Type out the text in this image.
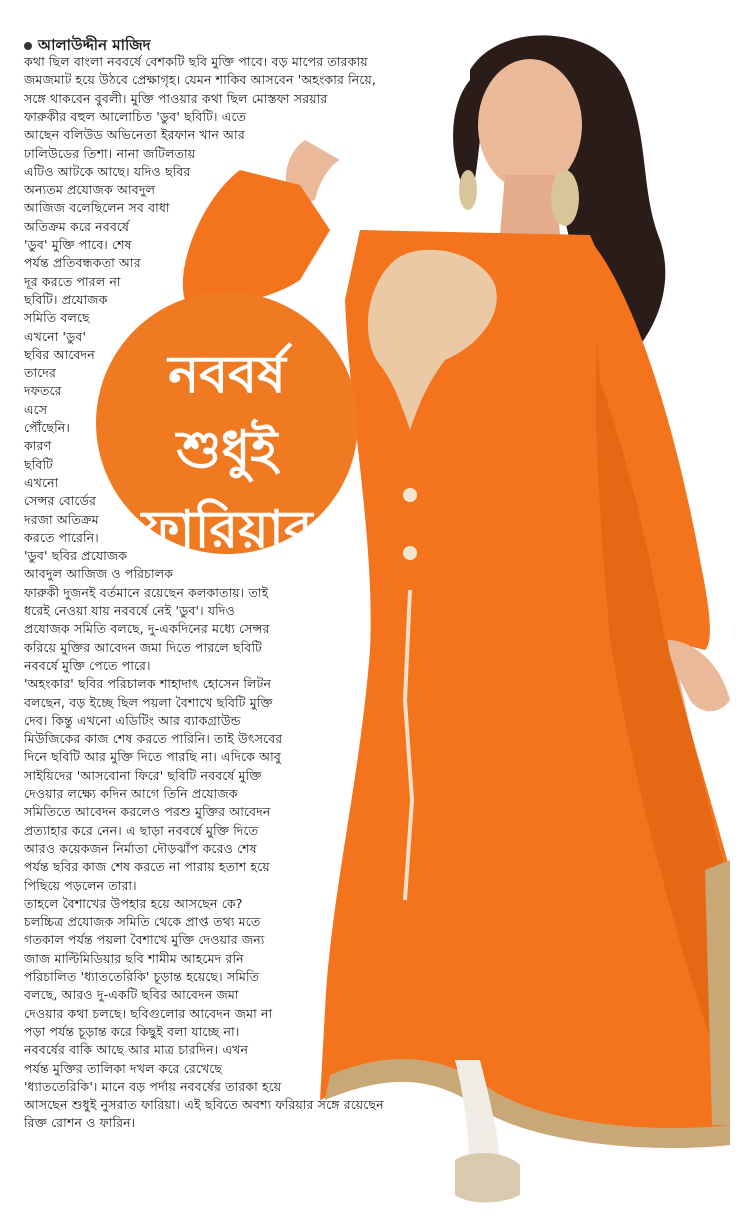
নববর্ষ
শুধুই
ফারিয়ার
আলাউদ্দীন মাজিদ
কথা ছিল বাংলা নববর্ষে বেশকটি ছবি মুক্তি পাবে। বড় মাপের তারকায়
জমজমাট হয়ে উঠবে প্রেক্ষাগৃহ। যেমন শাকিব আসবেন 'অহংকার নিয়ে,
সঙ্গে থাকবেন বুবলী। মুক্তি পাওয়ার কথা ছিল মোস্তফা সরয়ার
ফারুকীর বহুল আলোচিত 'ডুব' ছবিটি। এতে
আছেন বলিউড অভিনেতা ইরফান খান আর
ঢালিউডের তিশা। নানা জটিলতায়
এটিও আটকে আছে। যদিও ছবির
অন্যতম প্রযোজক আবদুল
আজিজ বলেছিলেন সব বাধা
অতিক্রম করে নববর্ষে
'ডুব' মুক্তি পাবে। শেষ
পর্যন্ত প্রতিবন্ধকতা আর
দূর করতে পারল না
ছবিটি। প্রযোজক
সমিতি বলছে
এখনো 'ডুব'
ছবির আবেদন
তাদের
দফতরে
এসে
পৌঁছেনি।
কারণ
ছবিটি
এখনো
সেন্সর বোর্ডের
দরজা অতিক্রম
করতে পারেনি।
'ডুব' ছবির প্রযোজক
আবদুল আজিজ ও পরিচালক
ফারুকী দুজনই বর্তমানে রয়েছেন কলকাতায়। তাই
ধরেই নেওয়া যায় নববর্ষে নেই 'ডুব'। যদিও
প্রযোজক সমিতি বলছে, দু-একদিনের মধ্যে সেন্সর
করিয়ে মুক্তির আবেদন জমা দিতে পারলে ছবিটি
নববর্ষে মুক্তি পেতে পারে।
'অহংকার' ছবির পরিচালক শাহাদাৎ হোসেন লিটন
বলছেন, বড় ইচ্ছে ছিল পয়লা বৈশাখে ছবিটি মুক্তি
দেব। কিন্তু এখনো এডিটিং আর ব্যাকগ্রাউন্ড
মিউজিকের কাজ শেষ করতে পারিনি। তাই উৎসবের
দিনে ছবিটি আর মুক্তি দিতে পারছি না। এদিকে আবু
সাইয়িদের 'আসবোনা ফিরে' ছবিটি নববর্ষে মুক্তি
দেওয়ার লক্ষ্যে কদিন আগে তিনি প্রযোজক
সমিতিতে আবেদন করলেও পরশু মুক্তির আবেদন
প্রত্যাহার করে নেন। এ ছাড়া নববর্ষে মুক্তি দিতে
আরও কয়েকজন নির্মাতা দৌড়ঝাঁপ করেও শেষ
পর্যন্ত ছবির কাজ শেষ করতে না পারায় হতাশ হয়ে
পিছিয়ে পড়লেন তারা।
তাহলে বৈশাখের উপহার হয়ে আসছেন কে?
চলচ্চিত্র প্রযোজক সমিতি থেকে প্রাপ্ত তথ্য মতে
গতকাল পর্যন্ত পয়লা বৈশাখে মুক্তি দেওয়ার জন্য
জাজ মাল্টিমিডিয়ার ছবি শামীম আহমেদ রনি
পরিচালিত 'ধ্যাততেরিকি' চূড়ান্ত হয়েছে। সমিতি
বলছে, আরও দু-একটি ছবির আবেদন জমা
দেওয়ার কথা চলছে। ছবিগুলোর আবেদন জমা না
পড়া পর্যন্ত চূড়ান্ত করে কিছুই বলা যাচ্ছে না।
নববর্ষের বাকি আছে আর মাত্র চারদিন। এখন
পর্যন্ত মুক্তির তালিকা দখল করে রেখেছে
'ধ্যাততেরিকি'। মানে বড় পর্দায় নববর্ষের তারকা হয়ে
আসছেন শুধুই নুসরাত ফারিয়া। এই ছবিতে অবশ্য ফরিয়ার সঙ্গে রয়েছেন
রিক্ত রোশন ও ফারিন।
